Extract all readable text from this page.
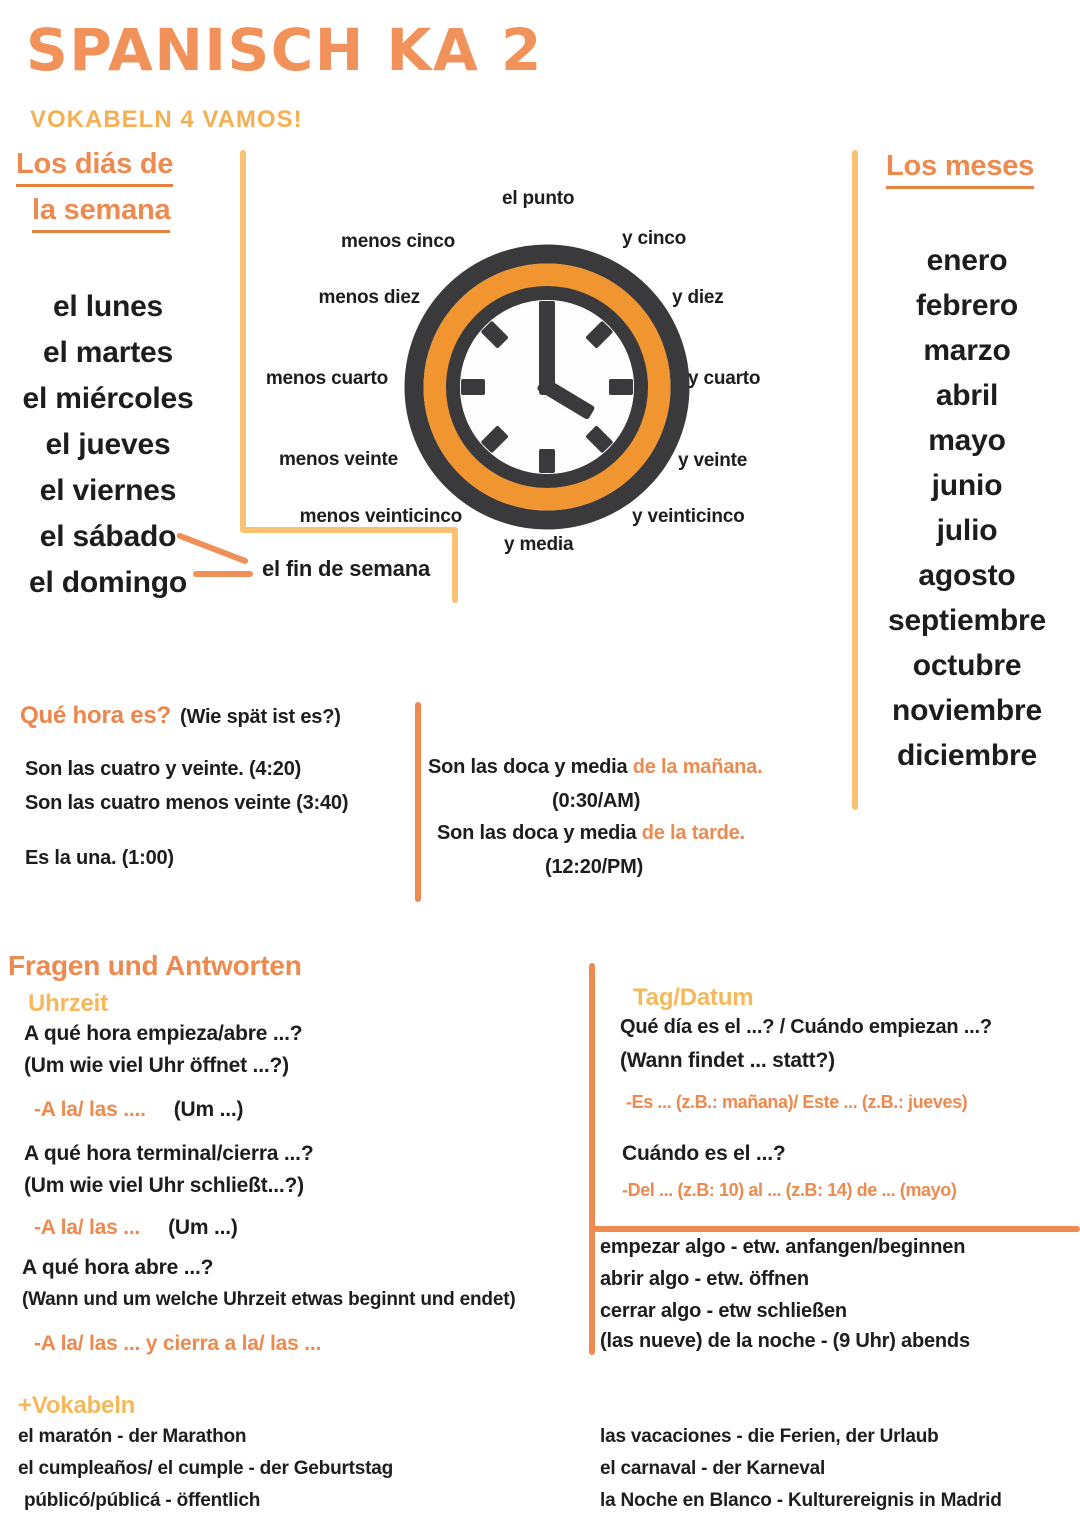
SPANISCH KA 2
VOKABELN 4 VAMOS!
Los diás de
la semana
el lunes
el martes
el miércoles
el jueves
el viernes
el sábado
el domingo	el fin de semana
el punto
y cinco
y diez
y cuarto
y veinte
y veinticinco
y media
menos cinco
menos diez
menos cuarto
menos veinte
menos veinticinco
Los meses
enero
febrero
marzo
abril
mayo
junio
julio
agosto
septiembre
octubre
noviembre
diciembre
Qué hora es? (Wie spät ist es?)
Son las cuatro y veinte. (4:20)
Son las cuatro menos veinte (3:40)
Es la una. (1:00)
Son las doca y media de la mañana.
(0:30/AM)
Son las doca y media de la tarde.
(12:20/PM)
Fragen und Antworten
Uhrzeit
A qué hora empieza/abre ...?
(Um wie viel Uhr öffnet ...?)
-A la/ las .... (Um ...)
A qué hora terminal/cierra ...?
(Um wie viel Uhr schließt...?)
-A la/ las ... (Um ...)
A qué hora abre ...?
(Wann und um welche Uhrzeit etwas beginnt und endet)
-A la/ las ... y cierra a la/ las ...
Tag/Datum
Qué día es el ...? / Cuándo empiezan ...?
(Wann findet ... statt?)
-Es ... (z.B.: mañana)/ Este ... (z.B.: jueves)
Cuándo es el ...?
-Del ... (z.B: 10) al ... (z.B: 14) de ... (mayo)
empezar algo - etw. anfangen/beginnen
abrir algo - etw. öffnen
cerrar algo - etw schließen
(las nueve) de la noche - (9 Uhr) abends
+Vokabeln
el maratón - der Marathon
el cumpleaños/ el cumple - der Geburtstag
públicó/públicá - öffentlich
las vacaciones - die Ferien, der Urlaub
el carnaval - der Karneval
la Noche en Blanco - Kulturereignis in Madrid
